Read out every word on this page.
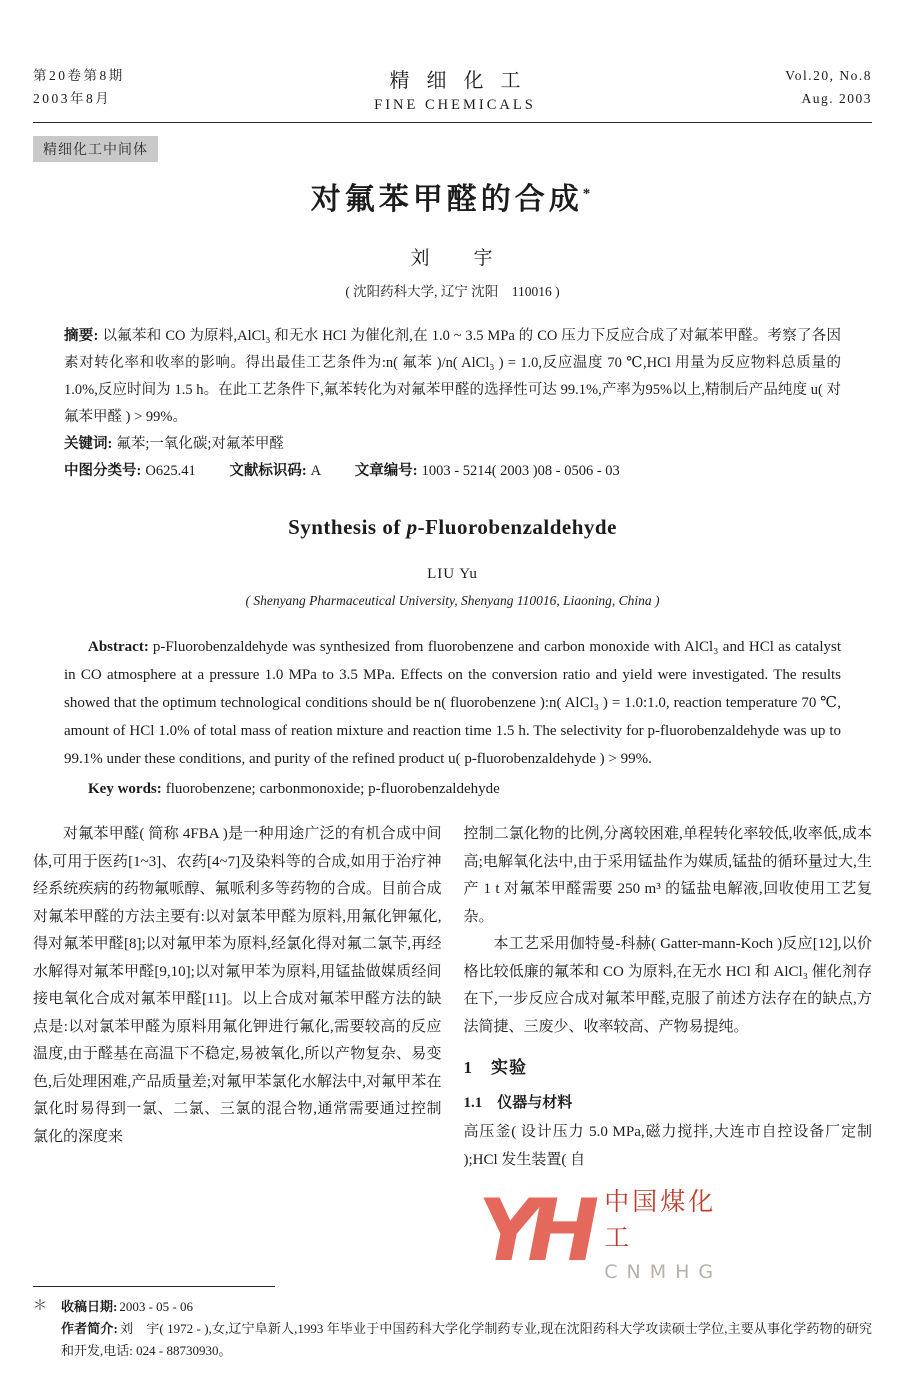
第20卷第8期
2003年8月
精细化工
FINE CHEMICALS
Vol.20, No.8
Aug. 2003
精细化工中间体
对氟苯甲醛的合成*
刘　　宇
( 沈阳药科大学, 辽宁 沈阳　110016 )

摘要: 以氟苯和 CO 为原料,AlCl₃ 和无水 HCl 为催化剂,在 1.0 ~ 3.5 MPa 的 CO 压力下反应合成了对氟苯甲醛。考察了各因素对转化率和收率的影响。得出最佳工艺条件为:n( 氟苯 )/n( AlCl₃ ) = 1.0,反应温度 70 ℃,HCl 用量为反应物料总质量的 1.0%,反应时间为 1.5 h。在此工艺条件下,氟苯转化为对氟苯甲醛的选择性可达 99.1%,产率为95%以上,精制后产品纯度 u( 对氟苯甲醛 ) > 99%。

关键词: 氟苯;一氧化碳;对氟苯甲醛
中图分类号: O625.41 文献标识码: A 文章编号: 1003 - 5214( 2003 )08 - 0506 - 03
Synthesis of p-Fluorobenzaldehyde
LIU Yu
( Shenyang Pharmaceutical University, Shenyang 110016, Liaoning, China )

Abstract: p-Fluorobenzaldehyde was synthesized from fluorobenzene and carbon monoxide with AlCl₃ and HCl as catalyst in CO atmosphere at a pressure 1.0 MPa to 3.5 MPa. Effects on the conversion ratio and yield were investigated. The results showed that the optimum technological conditions should be n( fluorobenzene ):n( AlCl₃ ) = 1.0:1.0, reaction temperature 70 ℃, amount of HCl 1.0% of total mass of reation mixture and reaction time 1.5 h. The selectivity for p-fluorobenzaldehyde was up to 99.1% under these conditions, and purity of the refined product u( p-fluorobenzaldehyde ) > 99%.

Key words: fluorobenzene; carbonmonoxide; p-fluorobenzaldehyde

对氟苯甲醛( 简称 4FBA )是一种用途广泛的有机合成中间体,可用于医药[1~3]、农药[4~7]及染料等的合成,如用于治疗神经系统疾病的药物氟哌醇、氟哌利多等药物的合成。目前合成对氟苯甲醛的方法主要有:以对氯苯甲醛为原料,用氟化钾氟化,得对氟苯甲醛[8];以对氟甲苯为原料,经氯化得对氟二氯苄,再经水解得对氟苯甲醛[9,10];以对氟甲苯为原料,用锰盐做媒质经间接电氧化合成对氟苯甲醛[11]。以上合成对氟苯甲醛方法的缺点是:以对氯苯甲醛为原料用氟化钾进行氟化,需要较高的反应温度,由于醛基在高温下不稳定,易被氧化,所以产物复杂、易变色,后处理困难,产品质量差;对氟甲苯氯化水解法中,对氟甲苯在氯化时易得到一氯、二氯、三氯的混合物,通常需要通过控制氯化的深度来

控制二氯化物的比例,分离较困难,单程转化率较低,收率低,成本高;电解氧化法中,由于采用锰盐作为媒质,锰盐的循环量过大,生产 1 t 对氟苯甲醛需要 250 m³ 的锰盐电解液,回收使用工艺复杂。

本工艺采用伽特曼-科赫( Gatter-mann-Koch )反应[12],以价格比较低廉的氟苯和 CO 为原料,在无水 HCl 和 AlCl₃ 催化剂存在下,一步反应合成对氟苯甲醛,克服了前述方法存在的缺点,方法简捷、三废少、收率较高、产物易提纯。

1　实验
1.1　仪器与材料

高压釜( 设计压力 5.0 MPa,磁力搅拌,大连市自控设备厂定制 );HCl 发生装置( 自

YH 中国煤化工
CNMHG
＊	收稿日期: 2003 - 05 - 06
作者简介: 刘　宇( 1972 - ),女,辽宁阜新人,1993 年毕业于中国药科大学化学制药专业,现在沈阳药科大学攻读硕士学位,主要从事化学药物的研究和开发,电话: 024 - 88730930。
